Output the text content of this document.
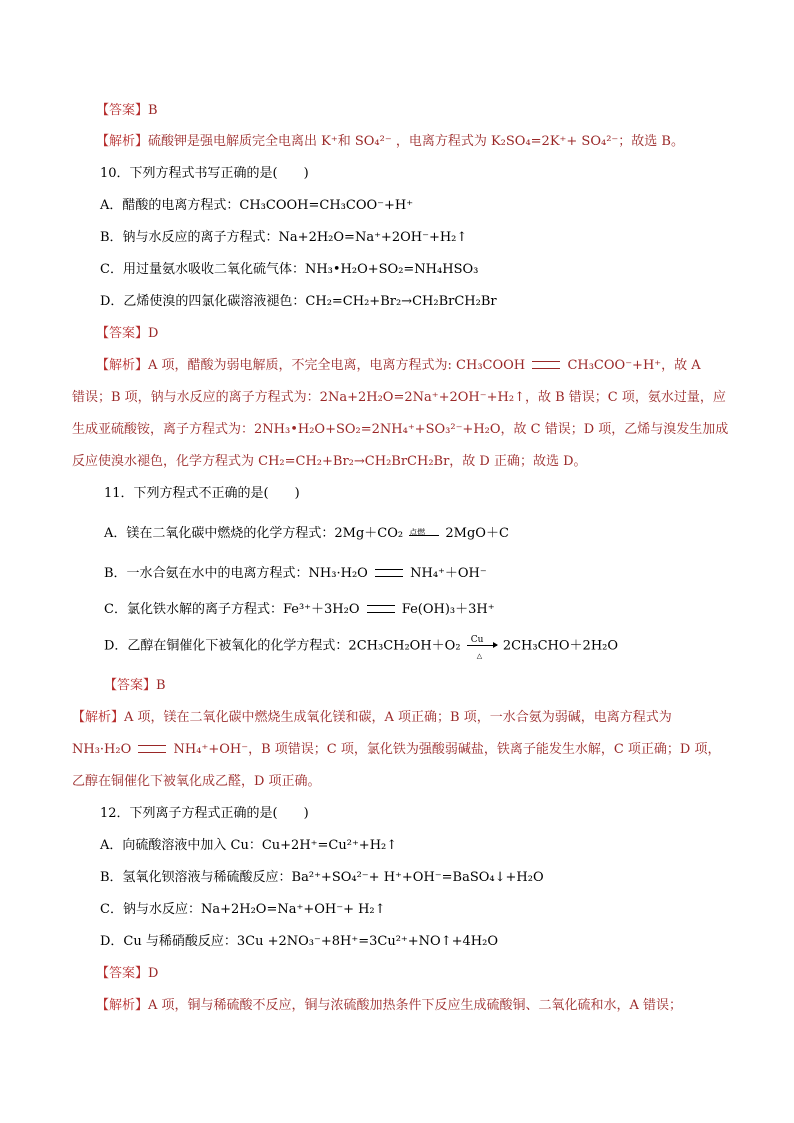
【答案】B
【解析】硫酸钾是强电解质完全电离出 K⁺和 SO₄²⁻ ，电离方程式为 K₂SO₄=2K⁺+ SO₄²⁻；故选 B。
10．下列方程式书写正确的是(　　)
A．醋酸的电离方程式：CH₃COOH=CH₃COO⁻+H⁺
B．钠与水反应的离子方程式：Na+2H₂O=Na⁺+2OH⁻+H₂↑
C．用过量氨水吸收二氧化硫气体：NH₃•H₂O+SO₂=NH₄HSO₃
D．乙烯使溴的四氯化碳溶液褪色：CH₂=CH₂+Br₂→CH₂BrCH₂Br
【答案】D
【解析】A 项，醋酸为弱电解质，不完全电离，电离方程式为: CH₃COOH	CH₃COO⁻+H⁺，故 A
错误；B 项，钠与水反应的离子方程式为：2Na+2H₂O=2Na⁺+2OH⁻+H₂↑，故 B 错误；C 项，氨水过量，应
生成亚硫酸铵，离子方程式为：2NH₃•H₂O+SO₂=2NH₄⁺+SO₃²⁻+H₂O，故 C 错误；D 项，乙烯与溴发生加成
反应使溴水褪色，化学方程式为 CH₂=CH₂+Br₂→CH₂BrCH₂Br，故 D 正确；故选 D。
11．下列方程式不正确的是(　　)
A．镁在二氧化碳中燃烧的化学方程式：2Mg＋CO₂ 点燃 2MgO＋C
B．一水合氨在水中的电离方程式：NH₃·H₂O	NH₄⁺＋OH⁻
C．氯化铁水解的离子方程式：Fe³⁺＋3H₂O	Fe(OH)₃＋3H⁺
D．乙醇在铜催化下被氧化的化学方程式：2CH₃CH₂OH＋O₂ Cu
△
2CH₃CHO＋2H₂O
【答案】B
【解析】A 项，镁在二氧化碳中燃烧生成氧化镁和碳，A 项正确；B 项，一水合氨为弱碱，电离方程式为
NH₃·H₂O	NH₄⁺+OH⁻，B 项错误；C 项，氯化铁为强酸弱碱盐，铁离子能发生水解，C 项正确；D 项，
乙醇在铜催化下被氧化成乙醛，D 项正确。
12．下列离子方程式正确的是(　　)
A．向硫酸溶液中加入 Cu：Cu+2H⁺=Cu²⁺+H₂↑
B．氢氧化钡溶液与稀硫酸反应：Ba²⁺+SO₄²⁻+ H⁺+OH⁻=BaSO₄↓+H₂O
C．钠与水反应：Na+2H₂O=Na⁺+OH⁻+ H₂↑
D．Cu 与稀硝酸反应：3Cu +2NO₃⁻+8H⁺=3Cu²⁺+NO↑+4H₂O
【答案】D
【解析】A 项，铜与稀硫酸不反应，铜与浓硫酸加热条件下反应生成硫酸铜、二氧化硫和水，A 错误；
